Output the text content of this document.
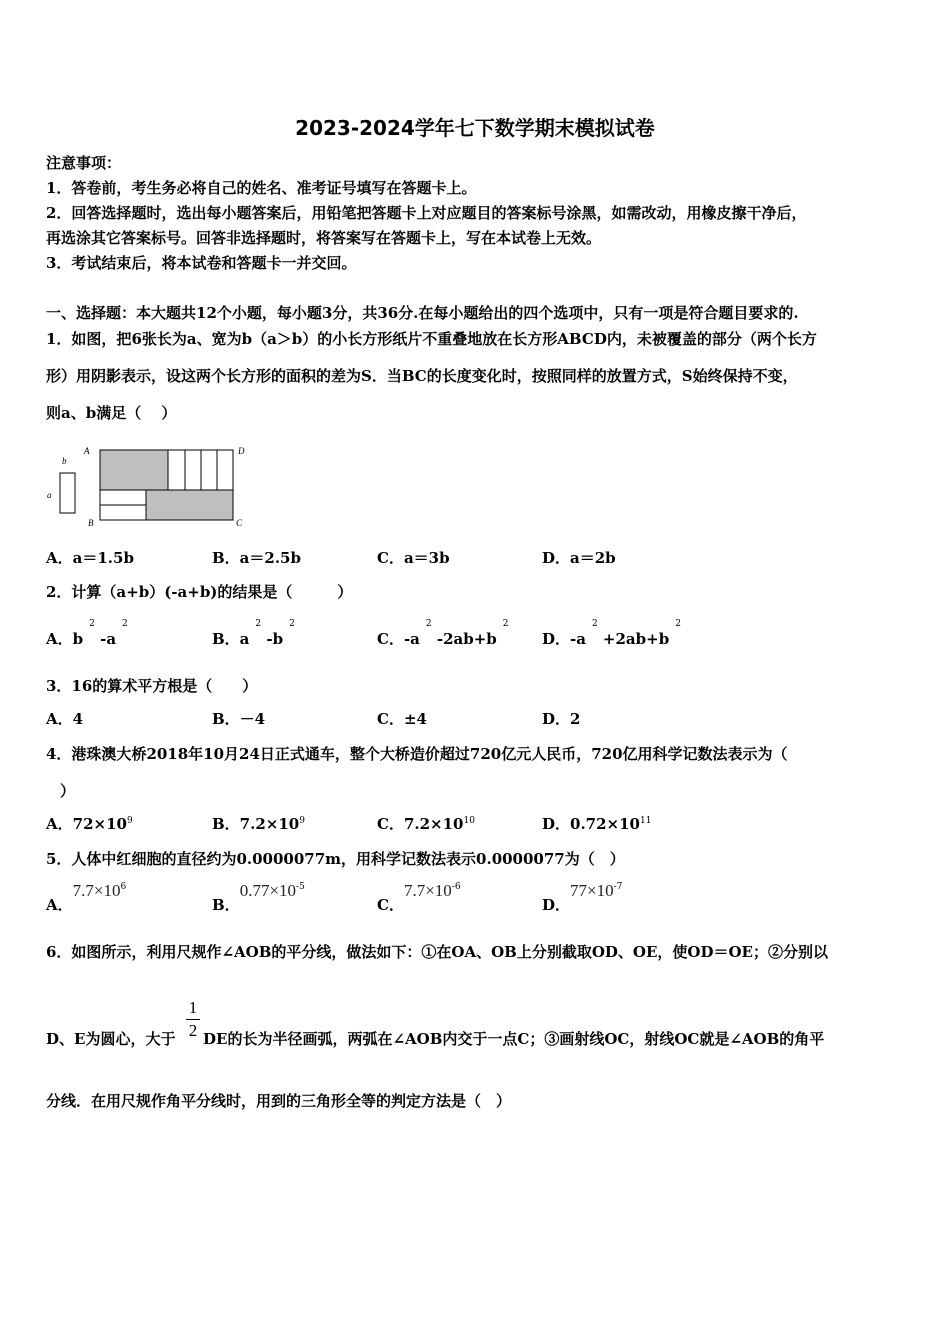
2023-2024学年七下数学期末模拟试卷
注意事项：
1．答卷前，考生务必将自己的姓名、准考证号填写在答题卡上。
2．回答选择题时，选出每小题答案后，用铅笔把答题卡上对应题目的答案标号涂黑，如需改动，用橡皮擦干净后，
再选涂其它答案标号。回答非选择题时，将答案写在答题卡上，写在本试卷上无效。
3．考试结束后，将本试卷和答题卡一并交回。
一、选择题：本大题共12个小题，每小题3分，共36分.在每小题给出的四个选项中，只有一项是符合题目要求的.
1．如图，把6张长为a、宽为b（a＞b）的小长方形纸片不重叠地放在长方形ABCD内，未被覆盖的部分（两个长方
形）用阴影表示，设这两个长方形的面积的差为S．当BC的长度变化时，按照同样的放置方式，S始终保持不变，
则a、b满足（　 ）
b
a
A	D
B	C
A．a＝1.5b	B．a＝2.5b	C．a＝3b	D．a＝2b
2．计算（a+b）(-a+b)的结果是（　　　）
A．$b^2$ $-a^2$
B．$a^2$ $-b^2$
C．$-a^2$ $-2ab+b^2$
D．$-a^2 +2ab+b^2$
3．16的算术平方根是（　　）
A．4	B．－4	C．±4	D．2
4．港珠澳大桥2018年10月24日正式通车，整个大桥造价超过720亿元人民币，720亿用科学记数法表示为（
）
A．$72\times 10^9$	B．$7.2\times 10^9$	C．$7.2\times 10^{10}$	D．$0.72\times 10^{11}$
5．人体中红细胞的直径约为0.0000077m，用科学记数法表示0.0000077为（　）
A．$7.7\times 10^6$
B．$0.77\times 10^{-5}$
C．$7.7\times 10^{-6}$
D．$77\times 10^{-7}$
6．如图所示，利用尺规作∠AOB的平分线，做法如下：①在OA、OB上分别截取OD、OE，使OD＝OE；②分别以
D、E为圆心，大于
1
2 DE的长为半径画弧，两弧在∠AOB内交于一点C；③画射线OC，射线OC就是∠AOB的角平
分线．在用尺规作角平分线时，用到的三角形全等的判定方法是（　）
